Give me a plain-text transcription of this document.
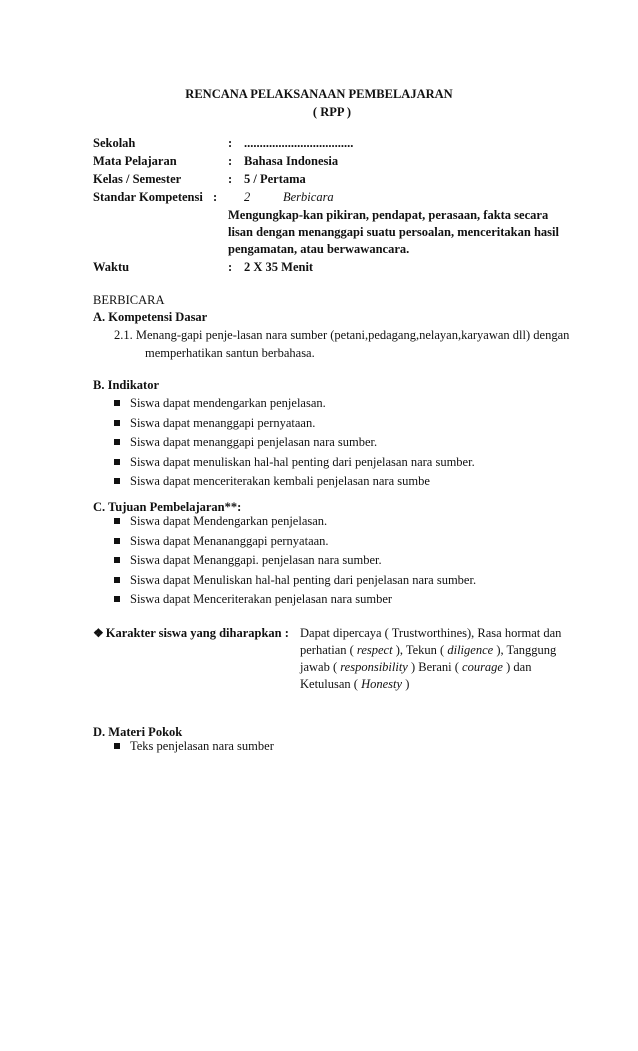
RENCANA PELAKSANAAN PEMBELAJARAN
( RPP )
Sekolah	: ...................................
Mata Pelajaran	: Bahasa Indonesia
Kelas / Semester	: 5 / Pertama
Standar Kompetensi : 2	Berbicara
Mengungkap-kan pikiran, pendapat, perasaan, fakta secara
lisan dengan menanggapi suatu persoalan, menceritakan hasil
pengamatan, atau berwawancara.
Waktu	: 2 X 35 Menit
BERBICARA
A. Kompetensi Dasar
2.1. Menang-gapi penje-lasan nara sumber (petani,pedagang,nelayan,karyawan dll) dengan
memperhatikan santun berbahasa.
B. Indikator
Siswa dapat mendengarkan penjelasan.
Siswa dapat menanggapi pernyataan.
Siswa dapat menanggapi penjelasan nara sumber.
Siswa dapat menuliskan hal-hal penting dari penjelasan nara sumber.
Siswa dapat menceriterakan kembali penjelasan nara sumbe
C. Tujuan Pembelajaran**:
Siswa dapat Mendengarkan penjelasan.
Siswa dapat Menananggapi pernyataan.
Siswa dapat Menanggapi. penjelasan nara sumber.
Siswa dapat Menuliskan hal-hal penting dari penjelasan nara sumber.
Siswa dapat Menceriterakan penjelasan nara sumber
❖ Karakter siswa yang diharapkan : Dapat dipercaya ( Trustworthines), Rasa hormat dan
perhatian ( respect ), Tekun ( diligence ), Tanggung
jawab ( responsibility ) Berani ( courage ) dan
Ketulusan ( Honesty )
D. Materi Pokok
Teks penjelasan nara sumber
